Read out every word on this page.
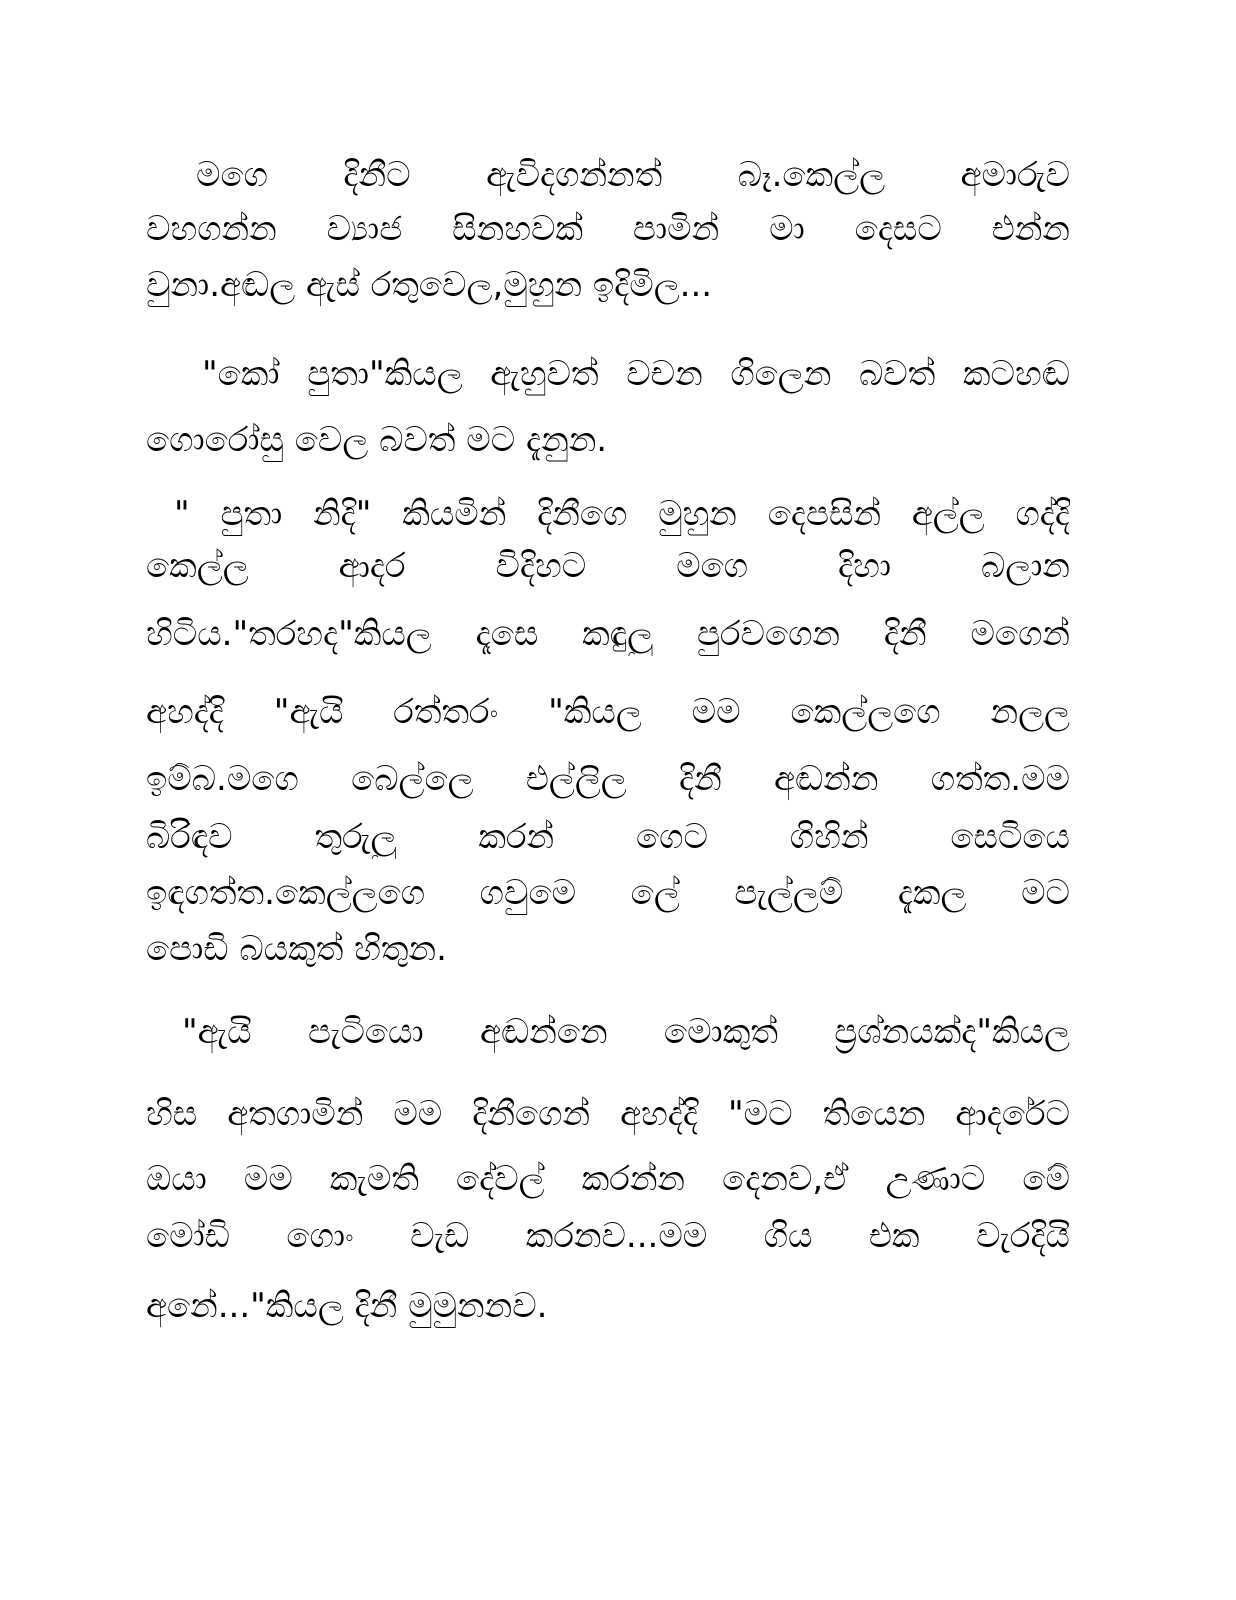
මගෙ දිනීට ඇවිදගන්නත් බෑ.කෙල්ල අමාරුව
වහගන්න ව්‍යාජ සිනහවක් පාමින් මා දෙසට එන්න
වුනා.අඬල ඇස් රතුවෙල,මුහුන ඉදිමිල...
"කෝ පුතා"කියල ඇහුවත් වචන ගිලෙන බවත් කටහඬ
ගොරෝසු වෙල බවත් මට දැනුන.
" පුතා නිදි" කියමින් දිනීගෙ මුහුන දෙපසින් අල්ල ගද්දි
කෙල්ල ආදර විදිහට මගෙ දිහා බලාන
හිටිය."තරහද"කියල දෑසෙ කඳුලු පුරවගෙන දිනී මගෙන්
අහද්දි "ඇයි රත්තරං "කියල මම කෙල්ලගෙ නලල
ඉම්බ.මගෙ බෙල්ලෙ එල්ලිල දිනී අඬන්න ගත්ත.මම
බිරිඳව තුරුලු කරන් ගෙට ගිහින් සෙටියෙ
ඉඳගත්ත.කෙල්ලගෙ ගවුමෙ ලේ පැල්ලම් දැකල මට
පොඩි බයකුත් හිතුන.
"ඇයි පැටියො අඬන්නෙ මොකුත් ප්‍රශ්නයක්ද"කියල
හිස අතගාමින් මම දිනීගෙන් අහද්දි "මට තියෙන ආදරේට
ඔයා මම කැමති දේවල් කරන්න දෙනව,ඒ උණාට මේ
මෝඩි ගොං වැඩ කරනව...මම ගිය එක වැරදියි
අනේ..."කියල දිනී මුමුනනව.
